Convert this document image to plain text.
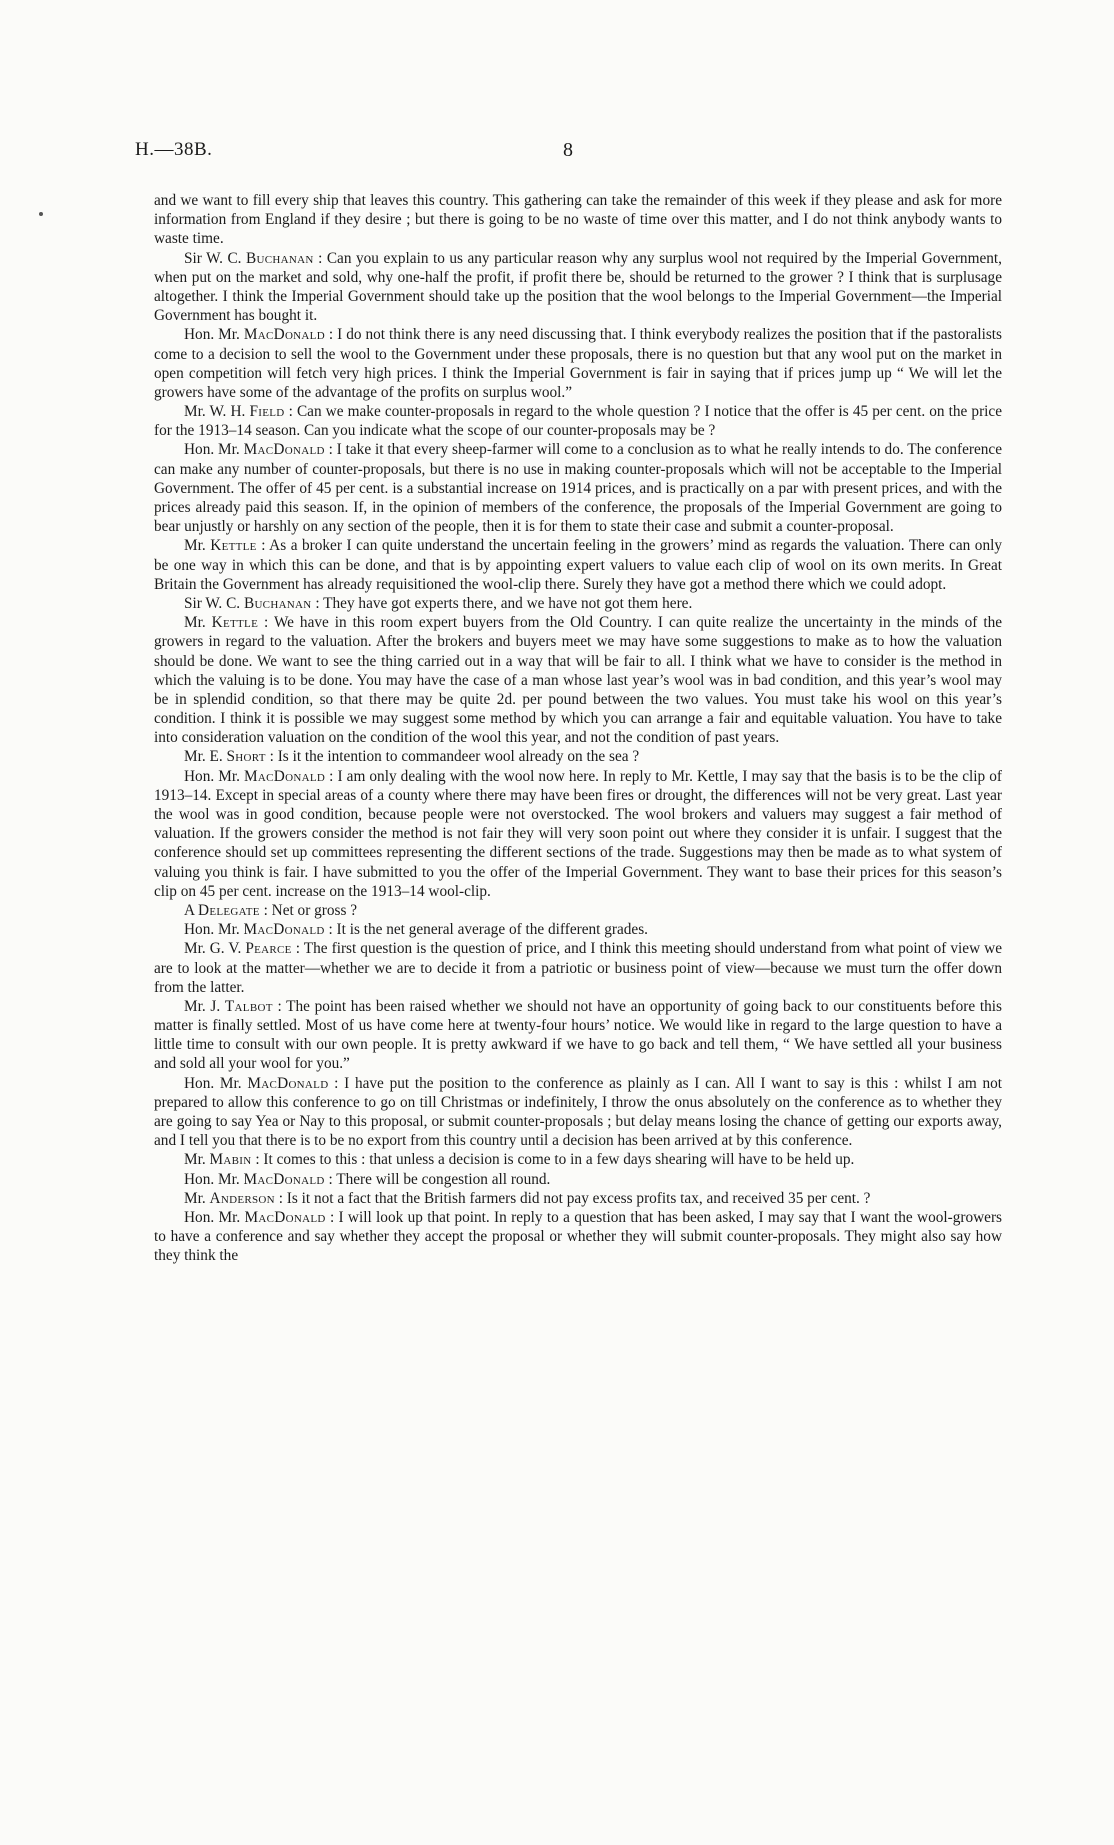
H.—38B.	8

and we want to fill every ship that leaves this country. This gathering can take the remainder of this week if they please and ask for more information from England if they desire ; but there is going to be no waste of time over this matter, and I do not think anybody wants to waste time.

Sir W. C. Buchanan : Can you explain to us any particular reason why any surplus wool not required by the Imperial Government, when put on the market and sold, why one-half the profit, if profit there be, should be returned to the grower ? I think that is surplusage altogether. I think the Imperial Government should take up the position that the wool belongs to the Imperial Government—the Imperial Government has bought it.

Hon. Mr. MacDonald : I do not think there is any need discussing that. I think everybody realizes the position that if the pastoralists come to a decision to sell the wool to the Government under these proposals, there is no question but that any wool put on the market in open competition will fetch very high prices. I think the Imperial Government is fair in saying that if prices jump up “ We will let the growers have some of the advantage of the profits on surplus wool.”

Mr. W. H. Field : Can we make counter-proposals in regard to the whole question ? I notice that the offer is 45 per cent. on the price for the 1913–14 season. Can you indicate what the scope of our counter-proposals may be ?

Hon. Mr. MacDonald : I take it that every sheep-farmer will come to a conclusion as to what he really intends to do. The conference can make any number of counter-proposals, but there is no use in making counter-proposals which will not be acceptable to the Imperial Government. The offer of 45 per cent. is a substantial increase on 1914 prices, and is practically on a par with present prices, and with the prices already paid this season. If, in the opinion of members of the conference, the proposals of the Imperial Government are going to bear unjustly or harshly on any section of the people, then it is for them to state their case and submit a counter-proposal.

Mr. Kettle : As a broker I can quite understand the uncertain feeling in the growers’ mind as regards the valuation. There can only be one way in which this can be done, and that is by appointing expert valuers to value each clip of wool on its own merits. In Great Britain the Government has already requisitioned the wool-clip there. Surely they have got a method there which we could adopt.

Sir W. C. Buchanan : They have got experts there, and we have not got them here.

Mr. Kettle : We have in this room expert buyers from the Old Country. I can quite realize the uncertainty in the minds of the growers in regard to the valuation. After the brokers and buyers meet we may have some suggestions to make as to how the valuation should be done. We want to see the thing carried out in a way that will be fair to all. I think what we have to consider is the method in which the valuing is to be done. You may have the case of a man whose last year’s wool was in bad condition, and this year’s wool may be in splendid condition, so that there may be quite 2d. per pound between the two values. You must take his wool on this year’s condition. I think it is possible we may suggest some method by which you can arrange a fair and equitable valuation. You have to take into consideration valuation on the condition of the wool this year, and not the condition of past years.

Mr. E. Short : Is it the intention to commandeer wool already on the sea ?

Hon. Mr. MacDonald : I am only dealing with the wool now here. In reply to Mr. Kettle, I may say that the basis is to be the clip of 1913–14. Except in special areas of a county where there may have been fires or drought, the differences will not be very great. Last year the wool was in good condition, because people were not overstocked. The wool brokers and valuers may suggest a fair method of valuation. If the growers consider the method is not fair they will very soon point out where they consider it is unfair. I suggest that the conference should set up committees representing the different sections of the trade. Suggestions may then be made as to what system of valuing you think is fair. I have submitted to you the offer of the Imperial Government. They want to base their prices for this season’s clip on 45 per cent. increase on the 1913–14 wool-clip.

A Delegate : Net or gross ?

Hon. Mr. MacDonald : It is the net general average of the different grades.

Mr. G. V. Pearce : The first question is the question of price, and I think this meeting should understand from what point of view we are to look at the matter—whether we are to decide it from a patriotic or business point of view—because we must turn the offer down from the latter.

Mr. J. Talbot : The point has been raised whether we should not have an opportunity of going back to our constituents before this matter is finally settled. Most of us have come here at twenty-four hours’ notice. We would like in regard to the large question to have a little time to consult with our own people. It is pretty awkward if we have to go back and tell them, “ We have settled all your business and sold all your wool for you.”

Hon. Mr. MacDonald : I have put the position to the conference as plainly as I can. All I want to say is this : whilst I am not prepared to allow this conference to go on till Christmas or indefinitely, I throw the onus absolutely on the conference as to whether they are going to say Yea or Nay to this proposal, or submit counter-proposals ; but delay means losing the chance of getting our exports away, and I tell you that there is to be no export from this country until a decision has been arrived at by this conference.

Mr. Mabin : It comes to this : that unless a decision is come to in a few days shearing will have to be held up.

Hon. Mr. MacDonald : There will be congestion all round.

Mr. Anderson : Is it not a fact that the British farmers did not pay excess profits tax, and received 35 per cent. ?

Hon. Mr. MacDonald : I will look up that point. In reply to a question that has been asked, I may say that I want the wool-growers to have a conference and say whether they accept the proposal or whether they will submit counter-proposals. They might also say how they think the
